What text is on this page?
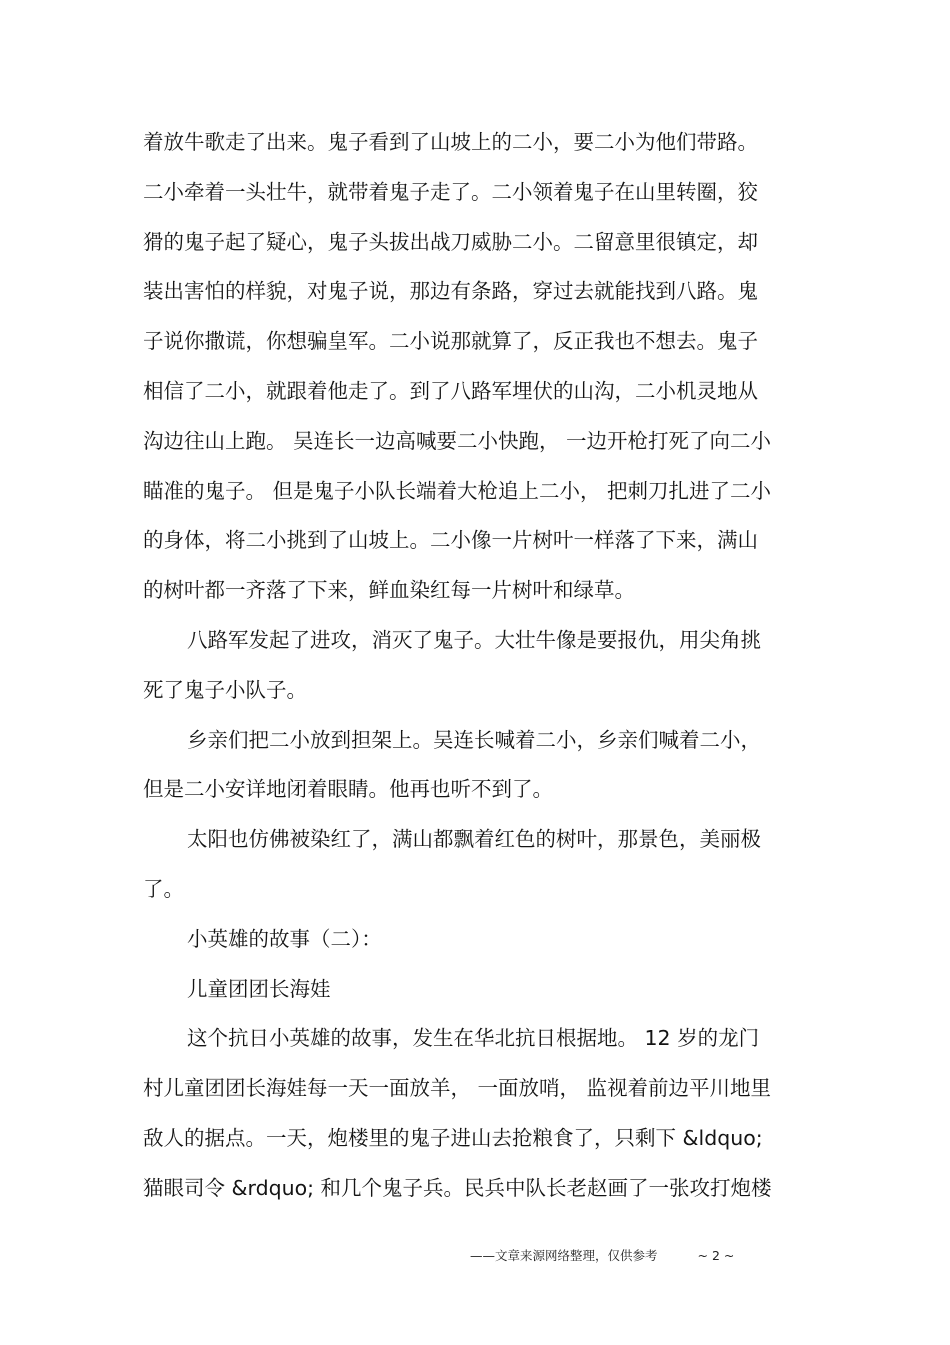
着放牛歌走了出来。鬼子看到了山坡上的二小，要二小为他们带路。
二小牵着一头壮牛，就带着鬼子走了。二小领着鬼子在山里转圈，狡
猾的鬼子起了疑心，鬼子头拔出战刀威胁二小。二留意里很镇定，却
装出害怕的样貌，对鬼子说，那边有条路，穿过去就能找到八路。鬼
子说你撒谎，你想骗皇军。二小说那就算了，反正我也不想去。鬼子
相信了二小，就跟着他走了。到了八路军埋伏的山沟，二小机灵地从
沟边往山上跑。 吴连长一边高喊要二小快跑， 一边开枪打死了向二小
瞄准的鬼子。 但是鬼子小队长端着大枪追上二小， 把刺刀扎进了二小
的身体，将二小挑到了山坡上。二小像一片树叶一样落了下来，满山
的树叶都一齐落了下来，鲜血染红每一片树叶和绿草。
八路军发起了进攻，消灭了鬼子。大壮牛像是要报仇，用尖角挑
死了鬼子小队子。
乡亲们把二小放到担架上。吴连长喊着二小，乡亲们喊着二小，
但是二小安详地闭着眼睛。他再也听不到了。
太阳也仿佛被染红了，满山都飘着红色的树叶，那景色，美丽极
了。
小英雄的故事（二）：
儿童团团长海娃
这个抗日小英雄的故事，发生在华北抗日根据地。 12 岁的龙门
村儿童团团长海娃每一天一面放羊， 一面放哨， 监视着前边平川地里
敌人的据点。一天，炮楼里的鬼子进山去抢粮食了，只剩下 &ldquo;
猫眼司令 &rdquo; 和几个鬼子兵。民兵中队长老赵画了一张攻打炮楼
——文章来源网络整理，仅供参考	~ 2 ~
